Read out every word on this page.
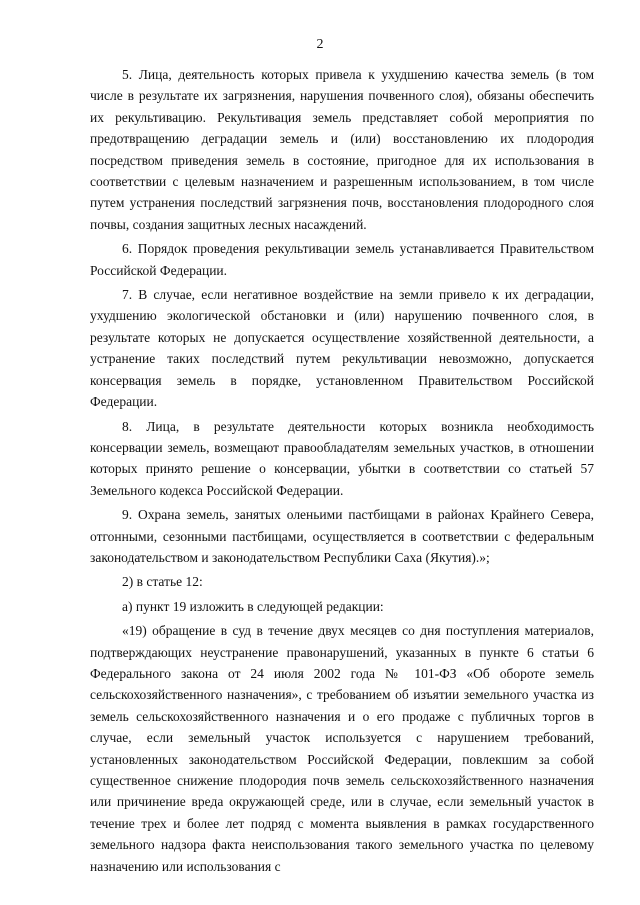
2

5. Лица, деятельность которых привела к ухудшению качества земель (в том числе в результате их загрязнения, нарушения почвенного слоя), обязаны обеспечить их рекультивацию. Рекультивация земель представляет собой мероприятия по предотвращению деградации земель и (или) восстановлению их плодородия посредством приведения земель в состояние, пригодное для их использования в соответствии с целевым назначением и разрешенным использованием, в том числе путем устранения последствий загрязнения почв, восстановления плодородного слоя почвы, создания защитных лесных насаждений.

6. Порядок проведения рекультивации земель устанавливается Правительством Российской Федерации.

7. В случае, если негативное воздействие на земли привело к их деградации, ухудшению экологической обстановки и (или) нарушению почвенного слоя, в результате которых не допускается осуществление хозяйственной деятельности, а устранение таких последствий путем рекультивации невозможно, допускается консервация земель в порядке, установленном Правительством Российской Федерации.

8. Лица, в результате деятельности которых возникла необходимость консервации земель, возмещают правообладателям земельных участков, в отношении которых принято решение о консервации, убытки в соответствии со статьей 57 Земельного кодекса Российской Федерации.

9. Охрана земель, занятых оленьими пастбищами в районах Крайнего Севера, отгонными, сезонными пастбищами, осуществляется в соответствии с федеральным законодательством и законодательством Республики Саха (Якутия).»;

2) в статье 12:

а) пункт 19 изложить в следующей редакции:

«19) обращение в суд в течение двух месяцев со дня поступления материалов, подтверждающих неустранение правонарушений, указанных в пункте 6 статьи 6 Федерального закона от 24 июля 2002 года № 101-ФЗ «Об обороте земель сельскохозяйственного назначения», с требованием об изъятии земельного участка из земель сельскохозяйственного назначения и о его продаже с публичных торгов в случае, если земельный участок используется с нарушением требований, установленных законодательством Российской Федерации, повлекшим за собой существенное снижение плодородия почв земель сельскохозяйственного назначения или причинение вреда окружающей среде, или в случае, если земельный участок в течение трех и более лет подряд с момента выявления в рамках государственного земельного надзора факта неиспользования такого земельного участка по целевому назначению или использования с
